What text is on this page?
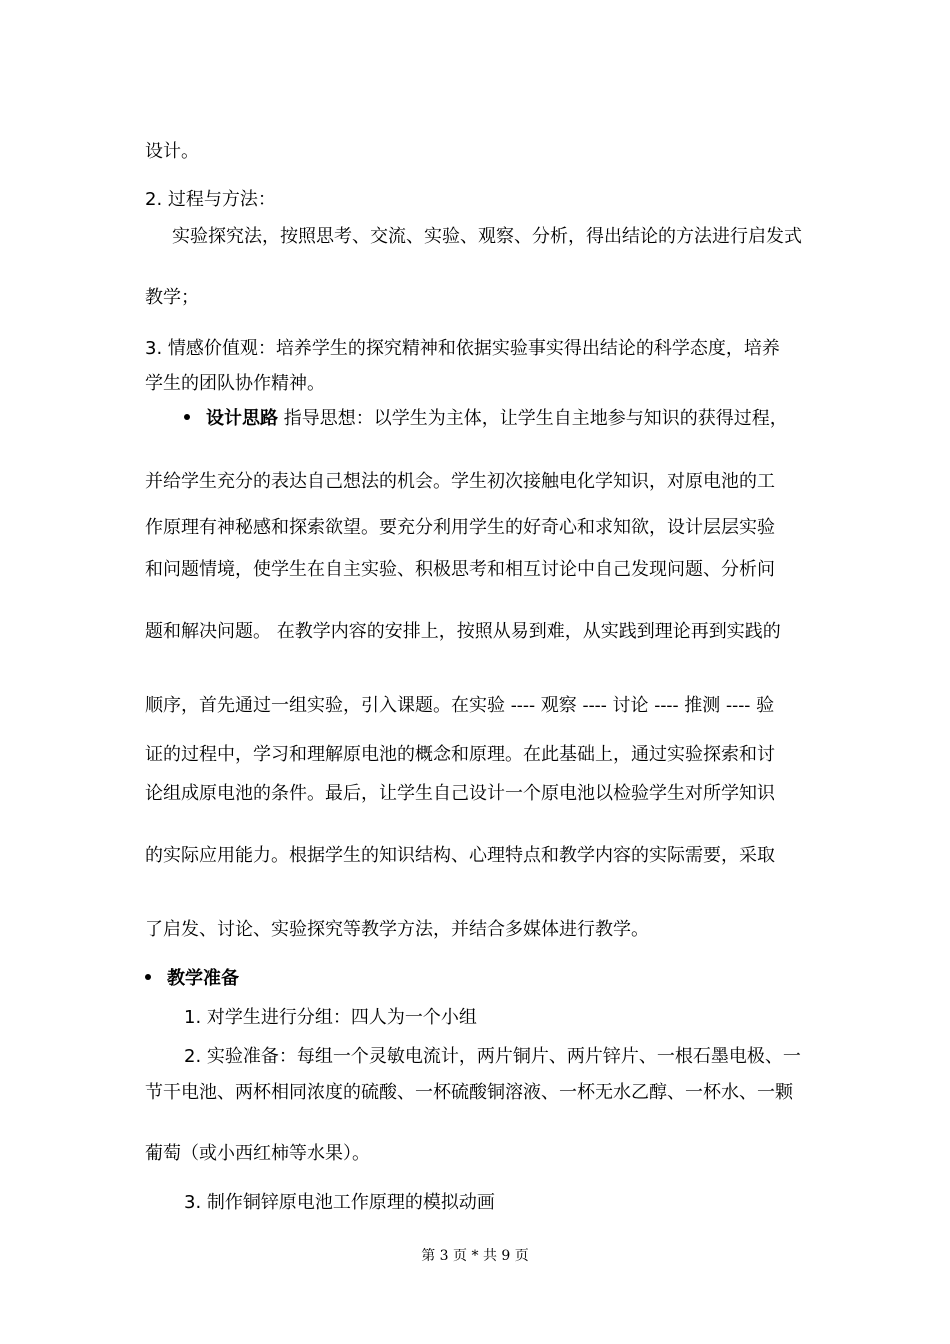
设计。
2. 过程与方法：
实验探究法，按照思考、交流、实验、观察、分析，得出结论的方法进行启发式
教学；
3. 情感价值观：培养学生的探究精神和依据实验事实得出结论的科学态度，培养
学生的团队协作精神。
设计思路 指导思想：以学生为主体，让学生自主地参与知识的获得过程，
并给学生充分的表达自己想法的机会。学生初次接触电化学知识，对原电池的工
作原理有神秘感和探索欲望。要充分利用学生的好奇心和求知欲，设计层层实验
和问题情境，使学生在自主实验、积极思考和相互讨论中自己发现问题、分析问
题和解决问题。 在教学内容的安排上，按照从易到难，从实践到理论再到实践的
顺序，首先通过一组实验，引入课题。在实验 ---- 观察 ---- 讨论 ---- 推测 ---- 验
证的过程中，学习和理解原电池的概念和原理。在此基础上，通过实验探索和讨
论组成原电池的条件。最后，让学生自己设计一个原电池以检验学生对所学知识
的实际应用能力。根据学生的知识结构、心理特点和教学内容的实际需要，采取
了启发、讨论、实验探究等教学方法，并结合多媒体进行教学。
教学准备
1. 对学生进行分组：四人为一个小组
2. 实验准备：每组一个灵敏电流计，两片铜片、两片锌片、一根石墨电极、一
节干电池、两杯相同浓度的硫酸、一杯硫酸铜溶液、一杯无水乙醇、一杯水、一颗
葡萄（或小西红柿等水果）。
3. 制作铜锌原电池工作原理的模拟动画
第 3 页 * 共 9 页
